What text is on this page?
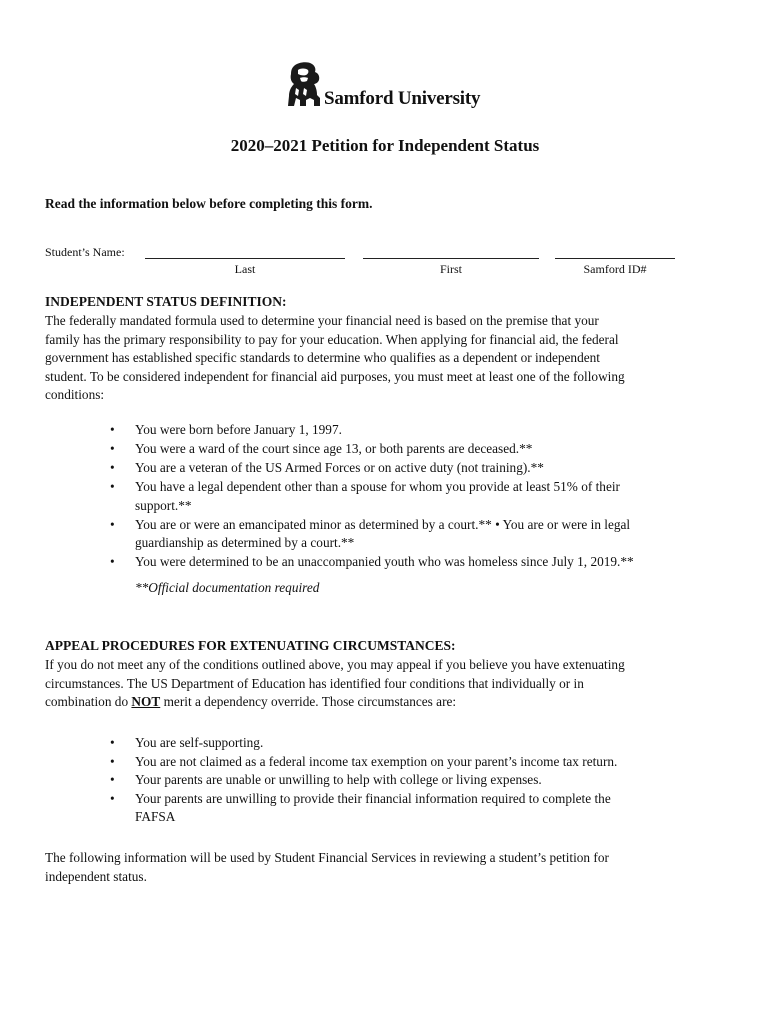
Samford University
2020–2021 Petition for Independent Status
Read the information below before completing this form.
Student’s Name:
Last	First	Samford ID#
INDEPENDENT STATUS DEFINITION:
The federally mandated formula used to determine your financial need is based on the premise that your
family has the primary responsibility to pay for your education. When applying for financial aid, the federal
government has established specific standards to determine who qualifies as a dependent or independent
student. To be considered independent for financial aid purposes, you must meet at least one of the following
conditions:
• You were born before January 1, 1997.
• You were a ward of the court since age 13, or both parents are deceased.**
• You are a veteran of the US Armed Forces or on active duty (not training).**
• You have a legal dependent other than a spouse for whom you provide at least 51% of their
support.**
• You are or were an emancipated minor as determined by a court.** • You are or were in legal
guardianship as determined by a court.**
• You were determined to be an unaccompanied youth who was homeless since July 1, 2019.**
**Official documentation required
APPEAL PROCEDURES FOR EXTENUATING CIRCUMSTANCES:
If you do not meet any of the conditions outlined above, you may appeal if you believe you have extenuating
circumstances. The US Department of Education has identified four conditions that individually or in
combination do NOT merit a dependency override. Those circumstances are:
• You are self-supporting.
• You are not claimed as a federal income tax exemption on your parent’s income tax return.
• Your parents are unable or unwilling to help with college or living expenses.
• Your parents are unwilling to provide their financial information required to complete the
FAFSA
The following information will be used by Student Financial Services in reviewing a student’s petition for
independent status.
